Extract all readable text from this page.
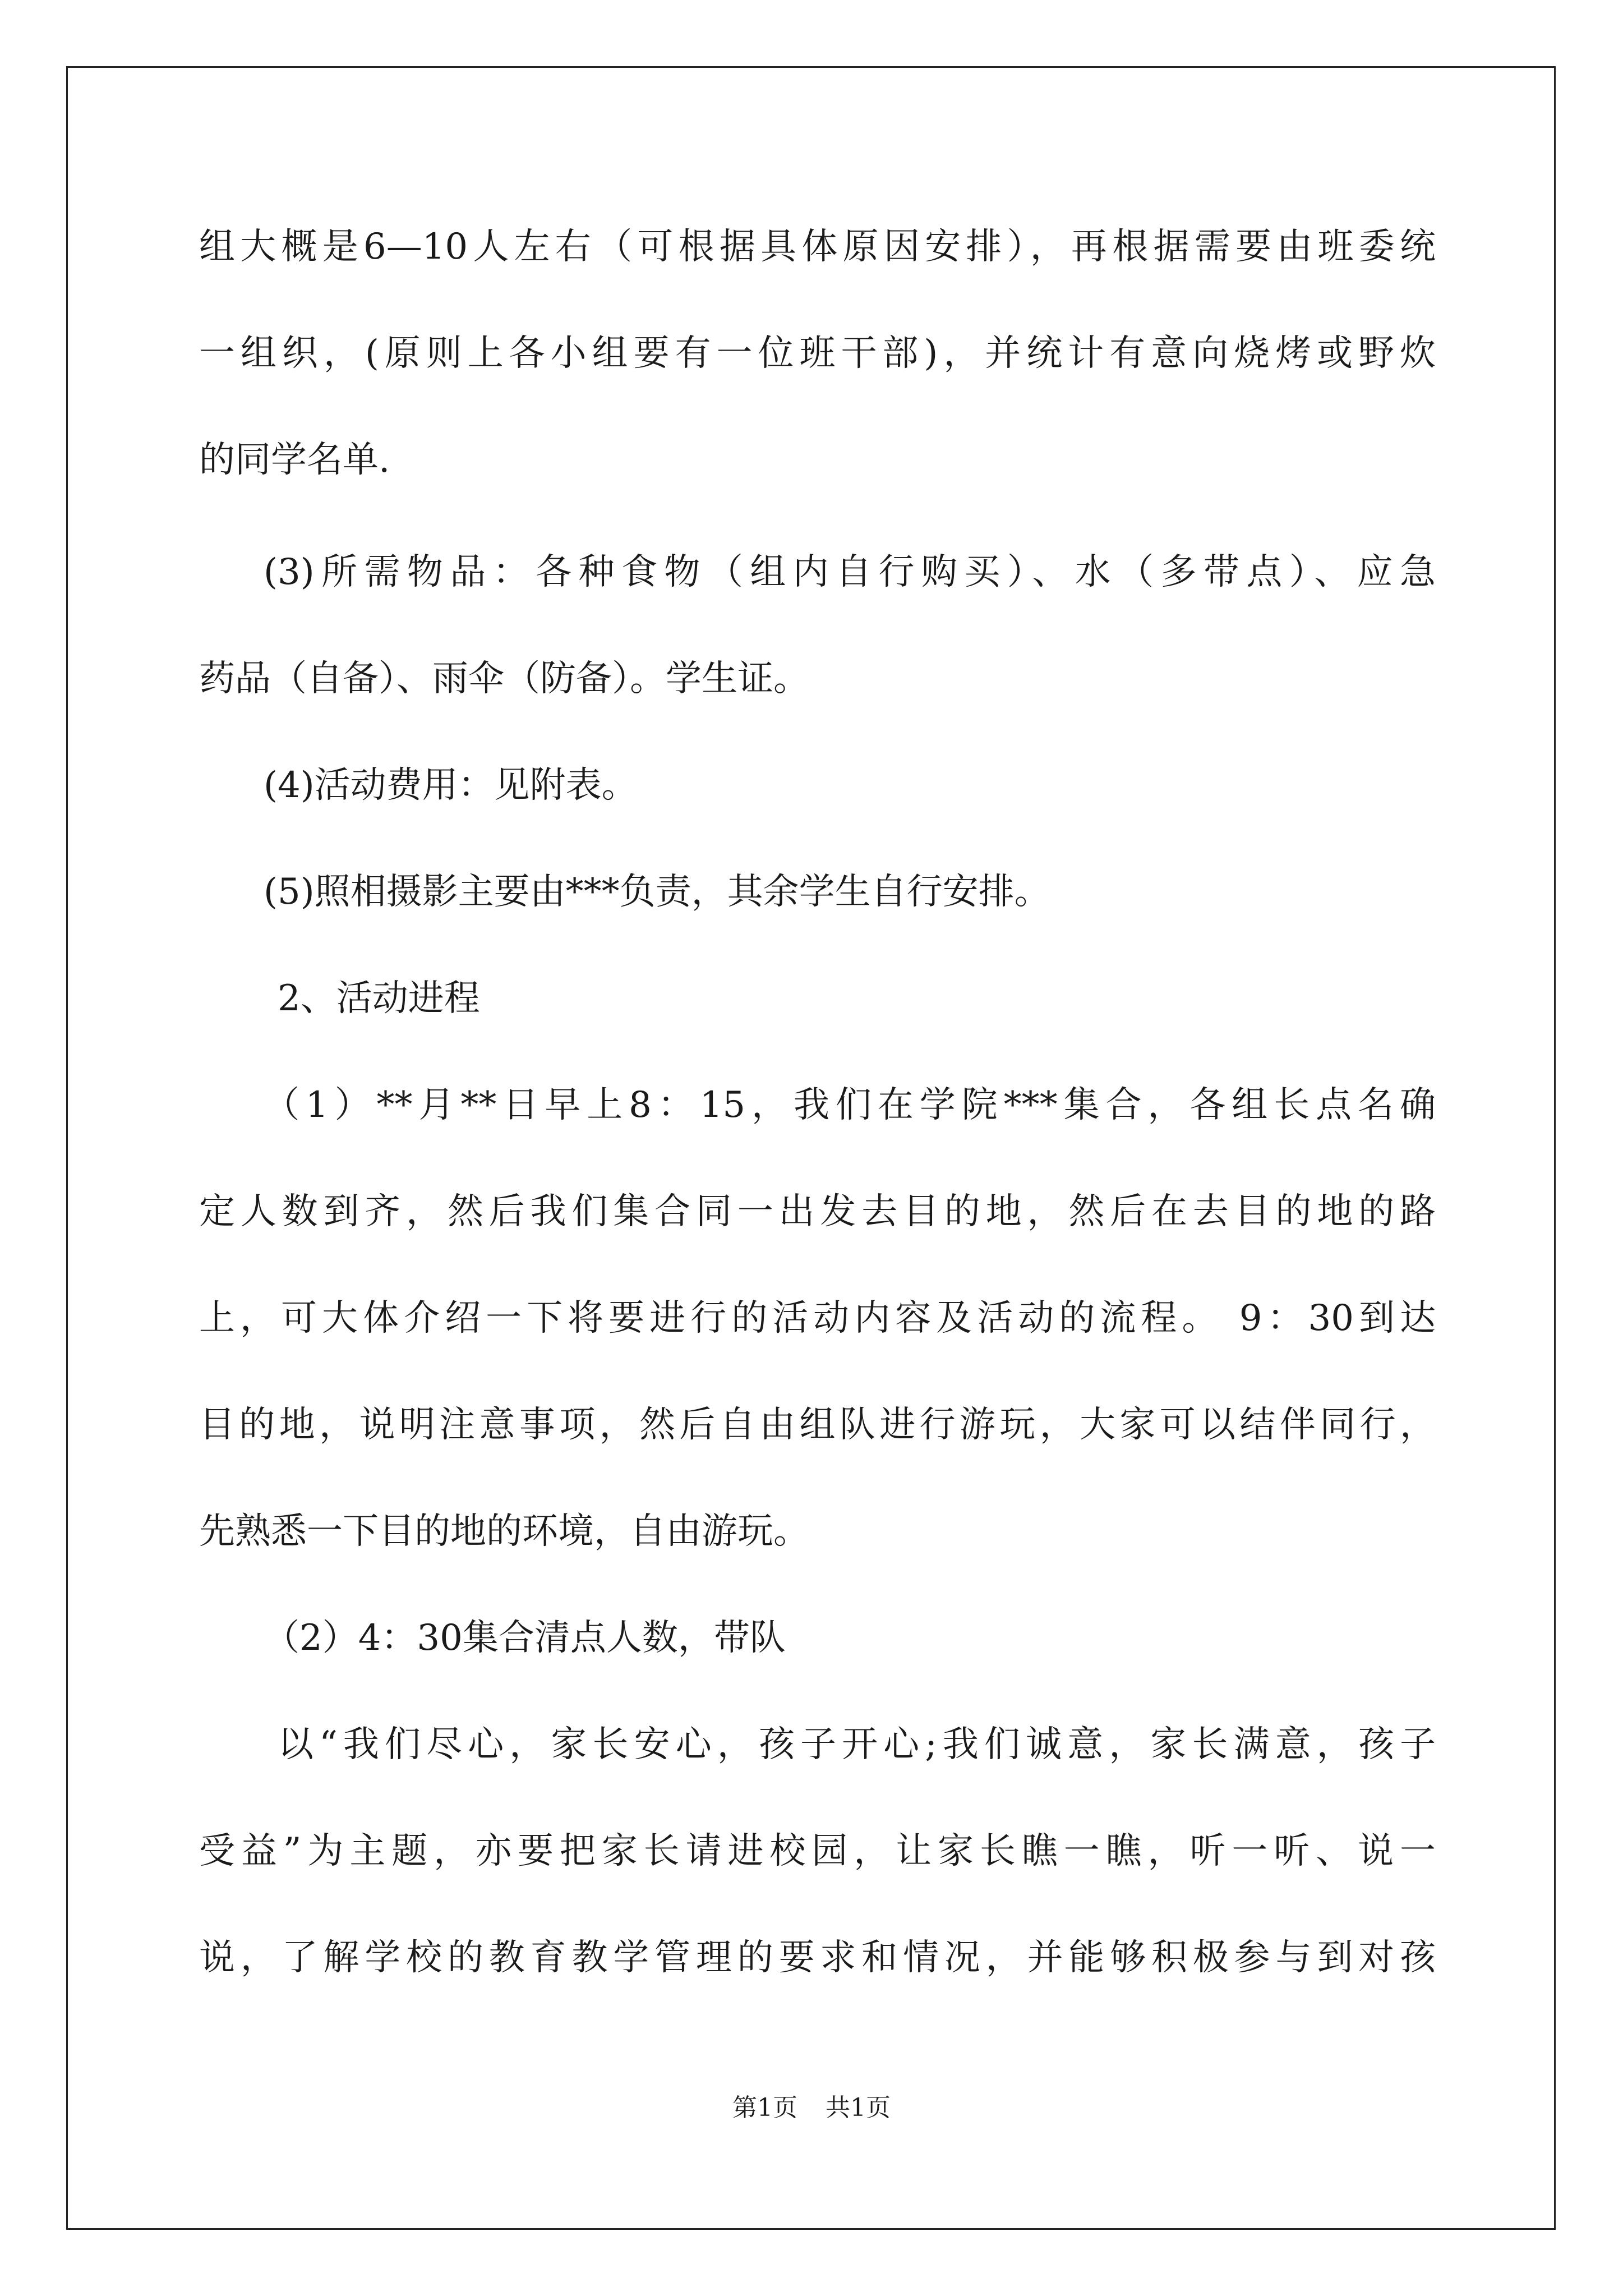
组大概是6—10人左右（可根据具体原因安排），再根据需要由班委统
一组织，(原则上各小组要有一位班干部)，并统计有意向烧烤或野炊
的同学名单.
(3)所需物品：各种食物（组内自行购买）、水（多带点）、应急
药品（自备）、雨伞（防备）。学生证。
(4)活动费用：见附表。
(5)照相摄影主要由***负责，其余学生自行安排。
2、活动进程
（1）**月**日早上8：15，我们在学院***集合，各组长点名确
定人数到齐，然后我们集合同一出发去目的地，然后在去目的地的路
上，可大体介绍一下将要进行的活动内容及活动的流程。 9：30到达
目的地，说明注意事项，然后自由组队进行游玩，大家可以结伴同行，
先熟悉一下目的地的环境，自由游玩。
（2）4：30集合清点人数，带队
以“我们尽心，家长安心，孩子开心;我们诚意，家长满意，孩子
受益”为主题，亦要把家长请进校园，让家长瞧一瞧，听一听、说一
说，了解学校的教育教学管理的要求和情况，并能够积极参与到对孩
第1页 共1页
